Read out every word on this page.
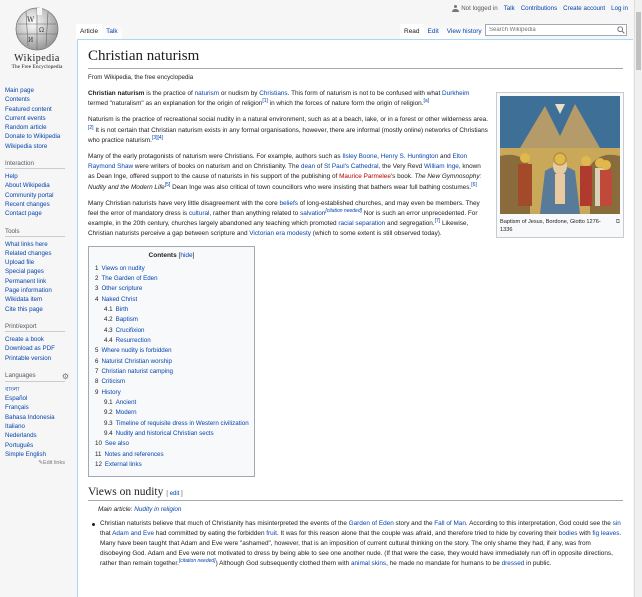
W
Ω
И
Wikipedia
The Free Encyclopedia
Not logged in Talk Contributions Create account Log in
Article	Talk	Read	Edit	View history
Search Wikipedia
Main page
Contents
Featured content
Current events
Random article
Donate to Wikipedia
Wikipedia store
Interaction
Help
About Wikipedia
Community portal
Recent changes
Contact page
Tools
What links here
Related changes
Upload file
Special pages
Permanent link
Page information
Wikidata item
Cite this page
Print/export
Create a book
Download as PDF
Printable version
Languages	⚙
বাংলা
Español
Français
Bahasa Indonesia
Italiano
Nederlands
Português
Simple English
✎Edit links
Christian naturism
From Wikipedia, the free encyclopedia

Christian naturism is the practice of naturism or nudism by Christians. This form of naturism is not to be confused with what Durkheim termed "naturalism" as an explanation for the origin of religion[1] in which the forces of nature form the origin of religion.[a]

Naturism is the practice of recreational social nudity in a natural environment, such as at a beach, lake, or in a forest or other wilderness area.[2] It is not certain that Christian naturism exists in any formal organisations, however, there are informal (mostly online) networks of Christians who practice naturism.[3][4]

Many of the early protagonists of naturism were Christians. For example, authors such as Ilsley Boone, Henry S. Huntington and Elton Raymond Shaw were writers of books on naturism and on Christianity. The dean of St Paul's Cathedral, the Very Revd William Inge, known as Dean Inge, offered support to the cause of naturists in his support of the publishing of Maurice Parmelee's book. The New Gymnosophy: Nudity and the Modern Life[5] Dean Inge was also critical of town councillors who were insisting that bathers wear full bathing costumes.[6]

Many Christian naturists have very little disagreement with the core beliefs of long-established churches, and may even be members. They feel the error of mandatory dress is cultural, rather than anything related to salvation[citation needed] Nor is such an error unprecedented. For example, in the 20th century, churches largely abandoned any teaching which promoted racial separation and segregation.[7] Likewise, Christian naturists perceive a gap between scripture and Victorian era modesty (which to some extent is still observed today).

Contents [hide]
1 Views on nudity
2 The Garden of Eden
3 Other scripture
4 Naked Christ
4.1 Birth
4.2 Baptism
4.3 Crucifixion
4.4 Resurrection
5 Where nudity is forbidden
6 Naturist Christian worship
7 Christian naturist camping
8 Criticism
9 History
9.1 Ancient
9.2 Modern
9.3 Timeline of requisite dress in Western civilization
9.4 Nudity and historical Christian sects
10 See also
11 Notes and references
12 External links
Views on nudity [ edit ]
Main article: Nudity in religion
Christian naturists believe that much of Christianity has misinterpreted the events of the Garden of Eden story and the Fall of Man. According to this interpretation, God could see the sin that Adam and Eve had committed by eating the forbidden fruit. It was for this reason alone that the couple was afraid, and therefore tried to hide by covering their bodies with fig leaves. Many have been taught that Adam and Eve were "ashamed", however, that is an imposition of current cultural thinking on the story. The only shame they had, if any, was from disobeying God. Adam and Eve were not motivated to dress by being able to see one another nude. (If that were the case, they would have immediately run off in opposite directions, rather than remain together.[citation needed]) Although God subsequently clothed them with animal skins, he made no mandate for humans to be dressed in public.
Baptism of Jesus, Bordone, Giotto 1276-1336
⧉
